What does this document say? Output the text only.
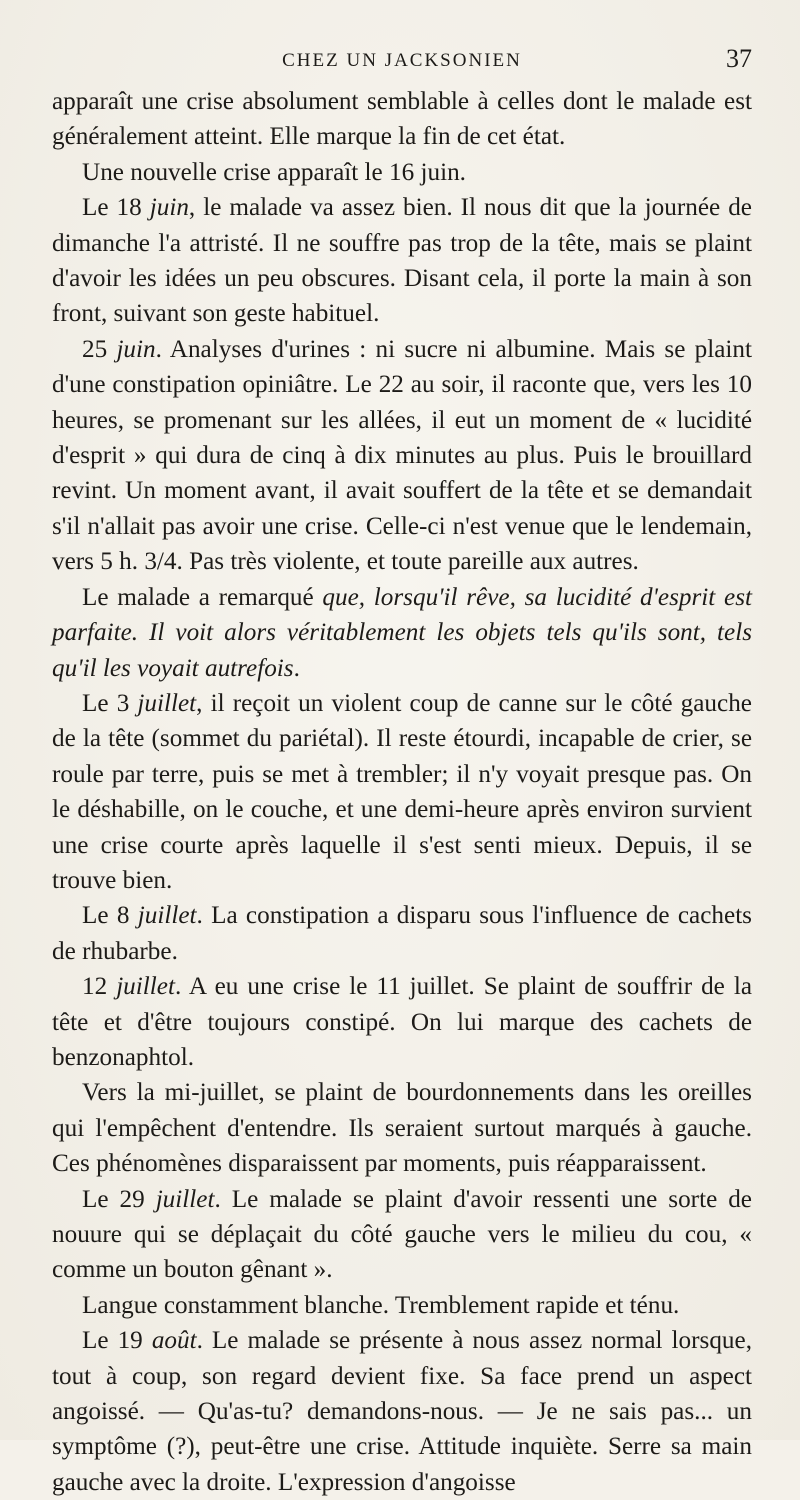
CHEZ UN JACKSONIEN	37

apparaît une crise absolument semblable à celles dont le malade est généralement atteint. Elle marque la fin de cet état.

Une nouvelle crise apparaît le 16 juin.

Le 18 juin, le malade va assez bien. Il nous dit que la journée de dimanche l'a attristé. Il ne souffre pas trop de la tête, mais se plaint d'avoir les idées un peu obscures. Disant cela, il porte la main à son front, suivant son geste habituel.

25 juin. Analyses d'urines : ni sucre ni albumine. Mais se plaint d'une constipation opiniâtre. Le 22 au soir, il raconte que, vers les 10 heures, se promenant sur les allées, il eut un moment de « lucidité d'esprit » qui dura de cinq à dix minutes au plus. Puis le brouillard revint. Un moment avant, il avait souffert de la tête et se demandait s'il n'allait pas avoir une crise. Celle-ci n'est venue que le lendemain, vers 5 h. 3/4. Pas très violente, et toute pareille aux autres.

Le malade a remarqué que, lorsqu'il rêve, sa lucidité d'esprit est parfaite. Il voit alors véritablement les objets tels qu'ils sont, tels qu'il les voyait autrefois.

Le 3 juillet, il reçoit un violent coup de canne sur le côté gauche de la tête (sommet du pariétal). Il reste étourdi, incapable de crier, se roule par terre, puis se met à trembler; il n'y voyait presque pas. On le déshabille, on le couche, et une demi-heure après environ survient une crise courte après laquelle il s'est senti mieux. Depuis, il se trouve bien.

Le 8 juillet. La constipation a disparu sous l'influence de cachets de rhubarbe.

12 juillet. A eu une crise le 11 juillet. Se plaint de souffrir de la tête et d'être toujours constipé. On lui marque des cachets de benzonaphtol.

Vers la mi-juillet, se plaint de bourdonnements dans les oreilles qui l'empêchent d'entendre. Ils seraient surtout marqués à gauche. Ces phénomènes disparaissent par moments, puis réapparaissent.

Le 29 juillet. Le malade se plaint d'avoir ressenti une sorte de nouure qui se déplaçait du côté gauche vers le milieu du cou, « comme un bouton gênant ».

Langue constamment blanche. Tremblement rapide et ténu.

Le 19 août. Le malade se présente à nous assez normal lorsque, tout à coup, son regard devient fixe. Sa face prend un aspect angoissé. — Qu'as-tu? demandons-nous. — Je ne sais pas... un symptôme (?), peut-être une crise. Attitude inquiète. Serre sa main gauche avec la droite. L'expression d'angoisse
